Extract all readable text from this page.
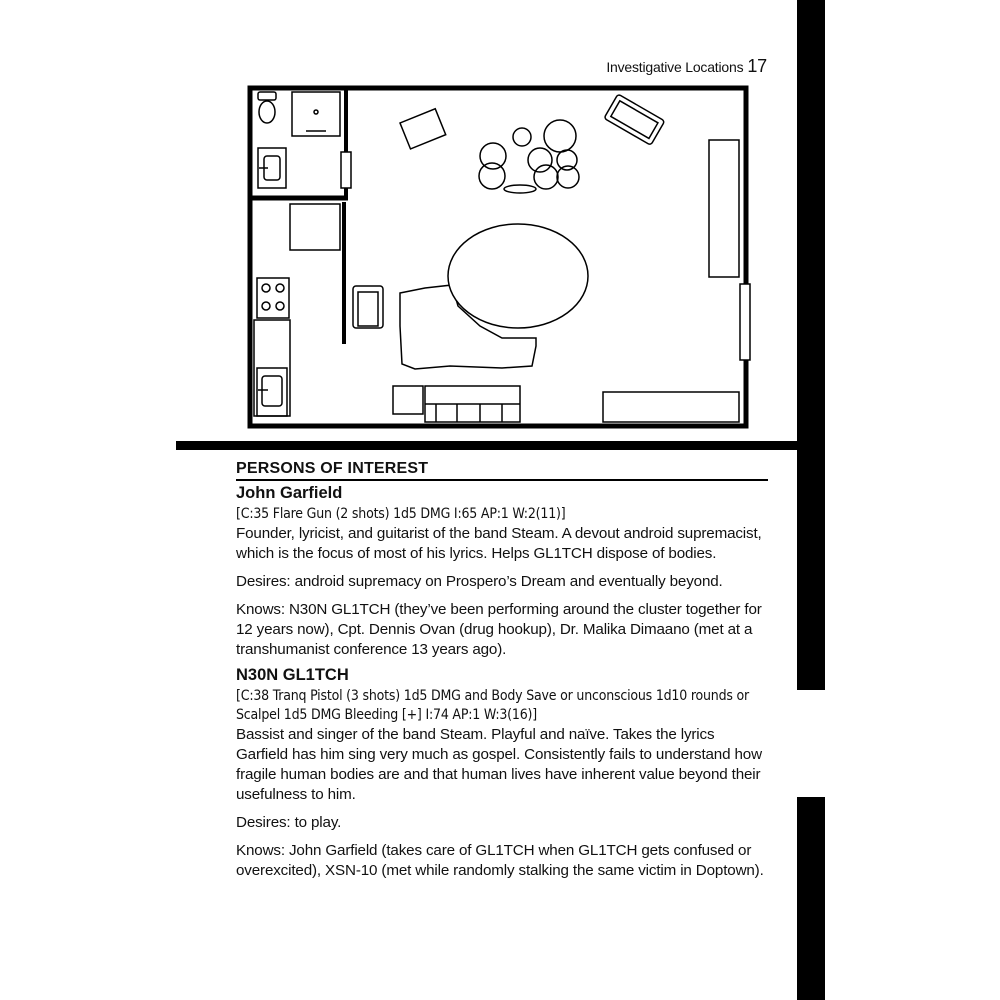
Investigative Locations 17
PERSONS OF INTEREST
John Garfield

[C:35 Flare Gun (2 shots) 1d5 DMG I:65 AP:1 W:2(11)]

Founder, lyricist, and guitarist of the band Steam. A devout android supremacist, which is the focus of most of his lyrics. Helps GL1TCH dispose of bodies.

Desires: android supremacy on Prospero’s Dream and eventually beyond.

Knows: N30N GL1TCH (they’ve been performing around the cluster together for 12 years now), Cpt. Dennis Ovan (drug hookup), Dr. Malika Dimaano (met at a transhumanist conference 13 years ago).

N30N GL1TCH

[C:38 Tranq Pistol (3 shots) 1d5 DMG and Body Save or unconscious 1d10 rounds or Scalpel 1d5 DMG Bleeding [+] I:74 AP:1 W:3(16)]

Bassist and singer of the band Steam. Playful and naïve. Takes the lyrics Garfield has him sing very much as gospel. Consistently fails to understand how fragile human bodies are and that human lives have inherent value beyond their usefulness to him.

Desires: to play.

Knows: John Garfield (takes care of GL1TCH when GL1TCH gets confused or overexcited), XSN-10 (met while randomly stalking the same victim in Doptown).
